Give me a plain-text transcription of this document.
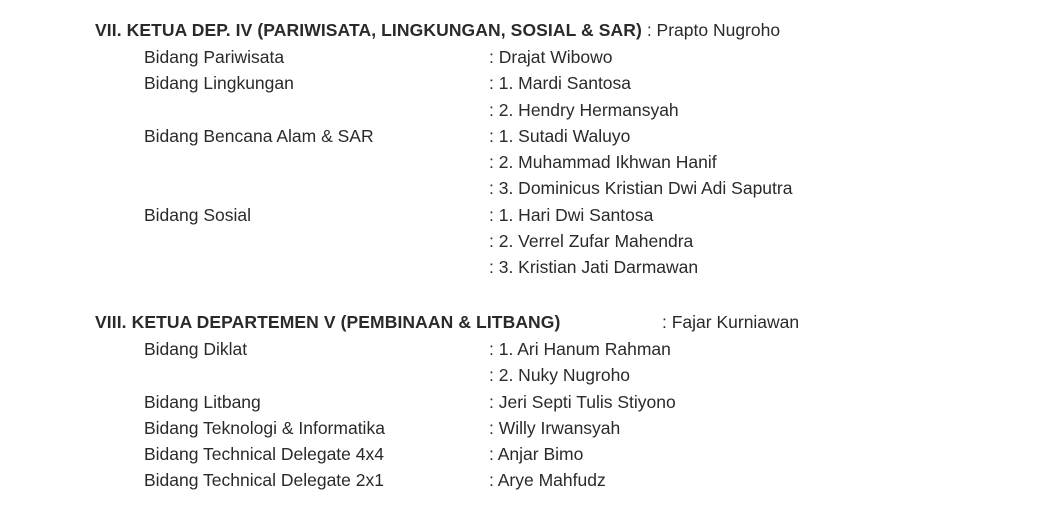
VII. KETUA DEP. IV (PARIWISATA, LINGKUNGAN, SOSIAL & SAR) : Prapto Nugroho
Bidang Pariwisata	: Drajat Wibowo
Bidang Lingkungan	: 1. Mardi Santosa
: 2. Hendry Hermansyah
Bidang Bencana Alam & SAR	: 1. Sutadi Waluyo
: 2. Muhammad Ikhwan Hanif
: 3. Dominicus Kristian Dwi Adi Saputra
Bidang Sosial	: 1. Hari Dwi Santosa
: 2. Verrel Zufar Mahendra
: 3. Kristian Jati Darmawan
VIII. KETUA DEPARTEMEN V (PEMBINAAN & LITBANG)	: Fajar Kurniawan
Bidang Diklat	: 1. Ari Hanum Rahman
: 2. Nuky Nugroho
Bidang Litbang	: Jeri Septi Tulis Stiyono
Bidang Teknologi & Informatika	: Willy Irwansyah
Bidang Technical Delegate 4x4	: Anjar Bimo
Bidang Technical Delegate 2x1	: Arye Mahfudz
